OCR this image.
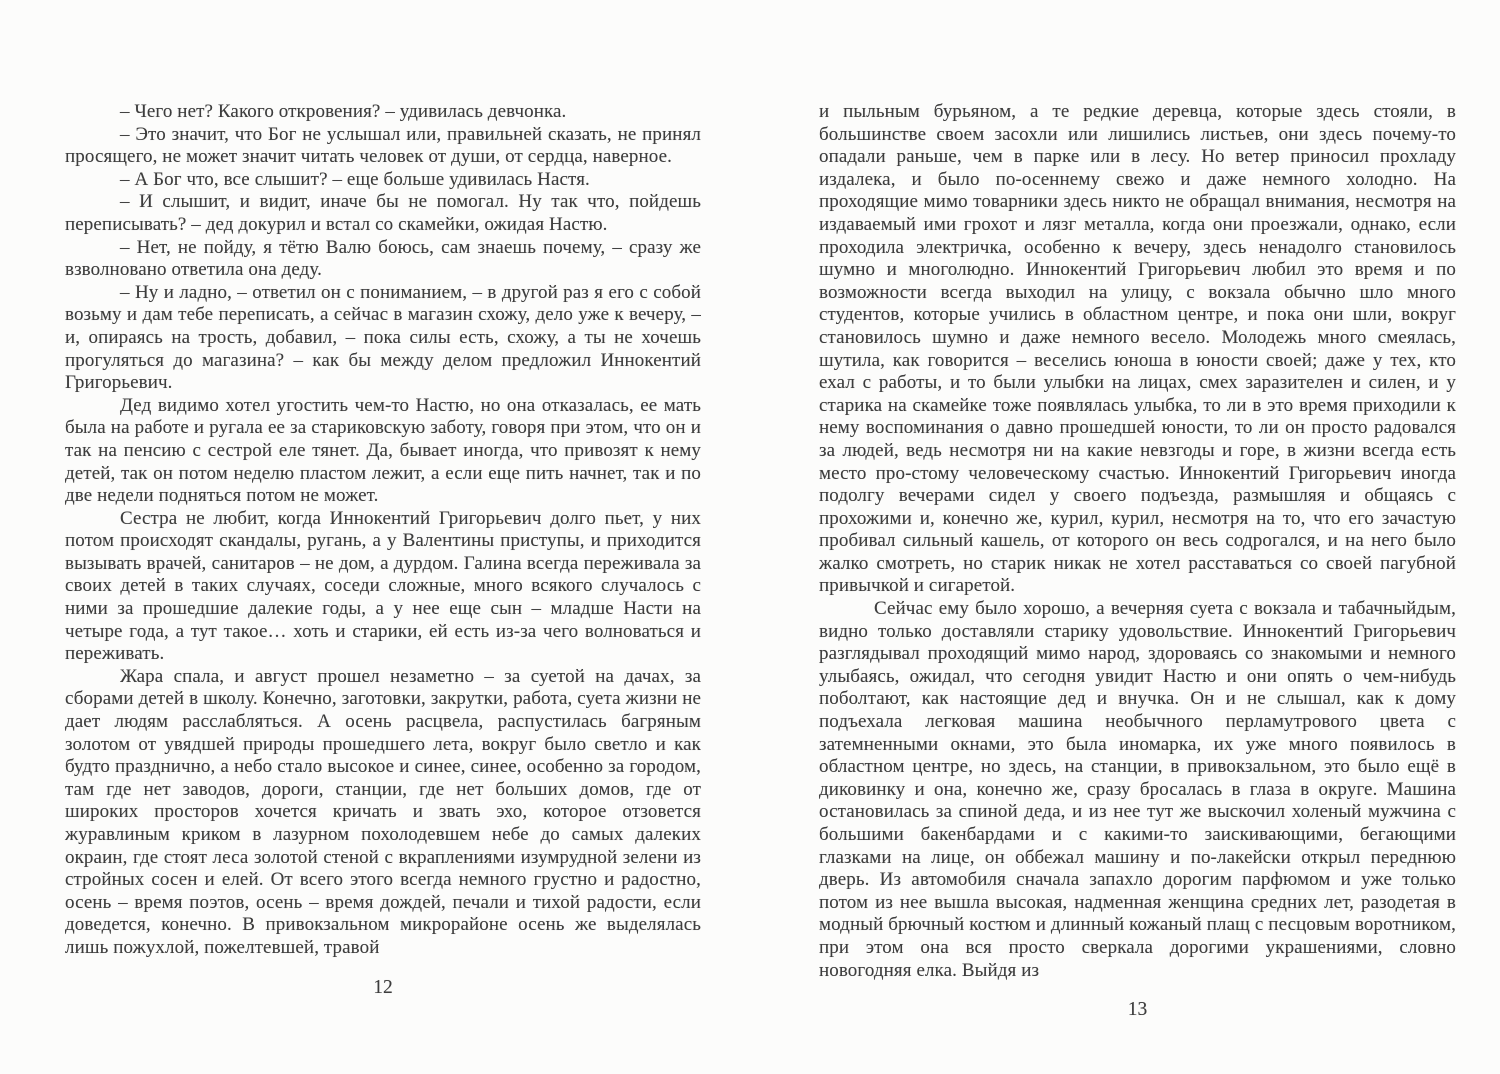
– Чего нет? Какого откровения? – удивилась девчонка.

– Это значит, что Бог не услышал или, правильней сказать, не принял просящего, не может значит читать человек от души, от сердца, наверное.

– А Бог что, все слышит? – еще больше удивилась Настя.

– И слышит, и видит, иначе бы не помогал. Ну так что, пойдешь переписывать? – дед докурил и встал со скамейки, ожидая Настю.

– Нет, не пойду, я тётю Валю боюсь, сам знаешь почему, – сразу же взволновано ответила она деду.

– Ну и ладно, – ответил он с пониманием, – в другой раз я его с собой возьму и дам тебе переписать, а сейчас в магазин схожу, дело уже к вечеру, – и, опираясь на трость, добавил, – пока силы есть, схожу, а ты не хочешь прогуляться до магазина? – как бы между делом предложил Иннокентий Григорьевич.

Дед видимо хотел угостить чем-то Настю, но она отказалась, ее мать была на работе и ругала ее за стариковскую заботу, говоря при этом, что он и так на пенсию с сестрой еле тянет. Да, бывает иногда, что привозят к нему детей, так он потом неделю пластом лежит, а если еще пить начнет, так и по две недели подняться потом не может.

Сестра не любит, когда Иннокентий Григорьевич долго пьет, у них потом происходят скандалы, ругань, а у Валентины приступы, и приходится вызывать врачей, санитаров – не дом, а дурдом. Галина всегда переживала за своих детей в таких случаях, соседи сложные, много всякого случалось с ними за прошедшие далекие годы, а у нее еще сын – младше Насти на четыре года, а тут такое… хоть и старики, ей есть из-за чего волноваться и переживать.

Жара спала, и август прошел незаметно – за суетой на дачах, за сборами детей в школу. Конечно, заготовки, закрутки, работа, суета жизни не дает людям расслабляться. А осень расцвела, распустилась багряным золотом от увядшей природы прошедшего лета, вокруг было светло и как будто празднично, а небо стало высокое и синее, синее, особенно за городом, там где нет заводов, дороги, станции, где нет больших домов, где от широких просторов хочется кричать и звать эхо, которое отзовется журавлиным криком в лазурном похолодевшем небе до самых далеких окраин, где стоят леса золотой стеной с вкраплениями изумрудной зелени из стройных сосен и елей. От всего этого всегда немного грустно и радостно, осень – время поэтов, осень – время дождей, печали и тихой радости, если доведется, конечно. В привокзальном микрорайоне осень же выделялась лишь пожухлой, пожелтевшей, травой

12

и пыльным бурьяном, а те редкие деревца, которые здесь стояли, в большинстве своем засохли или лишились листьев, они здесь почему-то опадали раньше, чем в парке или в лесу. Но ветер приносил прохладу издалека, и было по-осеннему свежо и даже немного холодно. На проходящие мимо товарники здесь никто не обращал внимания, несмотря на издаваемый ими грохот и лязг металла, когда они проезжали, однако, если проходила электричка, особенно к вечеру, здесь ненадолго становилось шумно и многолюдно. Иннокентий Григорьевич любил это время и по возможности всегда выходил на улицу, с вокзала обычно шло много студентов, которые учились в областном центре, и пока они шли, вокруг становилось шумно и даже немного весело. Молодежь много смеялась, шутила, как говорится – веселись юноша в юности своей; даже у тех, кто ехал с работы, и то были улыбки на лицах, смех заразителен и силен, и у старика на скамейке тоже появлялась улыбка, то ли в это время приходили к нему воспоминания о давно прошедшей юности, то ли он просто радовался за людей, ведь несмотря ни на какие невзгоды и горе, в жизни всегда есть место про-стому человеческому счастью. Иннокентий Григорьевич иногда подолгу вечерами сидел у своего подъезда, размышляя и общаясь с прохожими и, конечно же, курил, курил, несмотря на то, что его зачастую пробивал сильный кашель, от которого он весь содрогался, и на него было жалко смотреть, но старик никак не хотел расставаться со своей пагубной привычкой и сигаретой.

Сейчас ему было хорошо, а вечерняя суета с вокзала и табачныйдым, видно только доставляли старику удовольствие. Иннокентий Григорьевич разглядывал проходящий мимо народ, здороваясь со знакомыми и немного улыбаясь, ожидал, что сегодня увидит Настю и они опять о чем-нибудь поболтают, как настоящие дед и внучка. Он и не слышал, как к дому подъехала легковая машина необычного перламутрового цвета с затемненными окнами, это была иномарка, их уже много появилось в областном центре, но здесь, на станции, в привокзальном, это было ещё в диковинку и она, конечно же, сразу бросалась в глаза в округе. Машина остановилась за спиной деда, и из нее тут же выскочил холеный мужчина с большими бакенбардами и с какими-то заискивающими, бегающими глазками на лице, он оббежал машину и по-лакейски открыл переднюю дверь. Из автомобиля сначала запахло дорогим парфюмом и уже только потом из нее вышла высокая, надменная женщина средних лет, разодетая в модный брючный костюм и длинный кожаный плащ с песцовым воротником, при этом она вся просто сверкала дорогими украшениями, словно новогодняя елка. Выйдя из

13
